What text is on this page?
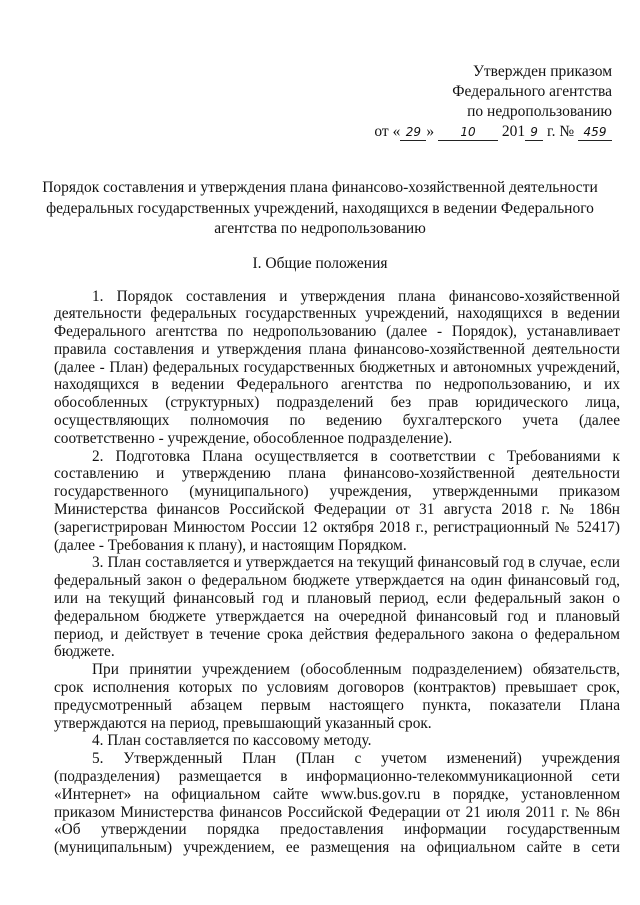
Утвержден приказом
Федерального агентства
по недропользованию
от « 29 » 10 201 9 г. № 459
Порядок составления и утверждения плана финансово-хозяйственной деятельности
федеральных государственных учреждений, находящихся в ведении Федерального
агентства по недропользованию
I. Общие положения
1. Порядок составления и утверждения плана финансово-хозяйственной
деятельности федеральных государственных учреждений, находящихся в ведении
Федерального агентства по недропользованию (далее - Порядок), устанавливает
правила составления и утверждения плана финансово-хозяйственной деятельности
(далее - План) федеральных государственных бюджетных и автономных учреждений,
находящихся в ведении Федерального агентства по недропользованию, и их
обособленных (структурных) подразделений без прав юридического лица,
осуществляющих полномочия по ведению бухгалтерского учета (далее
соответственно - учреждение, обособленное подразделение).
2. Подготовка Плана осуществляется в соответствии с Требованиями к
составлению и утверждению плана финансово-хозяйственной деятельности
государственного (муниципального) учреждения, утвержденными приказом
Министерства финансов Российской Федерации от 31 августа 2018 г. № 186н
(зарегистрирован Минюстом России 12 октября 2018 г., регистрационный № 52417)
(далее - Требования к плану), и настоящим Порядком.
3. План составляется и утверждается на текущий финансовый год в случае, если
федеральный закон о федеральном бюджете утверждается на один финансовый год,
или на текущий финансовый год и плановый период, если федеральный закон о
федеральном бюджете утверждается на очередной финансовый год и плановый
период, и действует в течение срока действия федерального закона о федеральном
бюджете.
При принятии учреждением (обособленным подразделением) обязательств,
срок исполнения которых по условиям договоров (контрактов) превышает срок,
предусмотренный абзацем первым настоящего пункта, показатели Плана
утверждаются на период, превышающий указанный срок.
4. План составляется по кассовому методу.
5. Утвержденный План (План с учетом изменений) учреждения
(подразделения) размещается в информационно-телекоммуникационной сети
«Интернет» на официальном сайте www.bus.gov.ru в порядке, установленном
приказом Министерства финансов Российской Федерации от 21 июля 2011 г. № 86н
«Об утверждении порядка предоставления информации государственным
(муниципальным) учреждением, ее размещения на официальном сайте в сети
